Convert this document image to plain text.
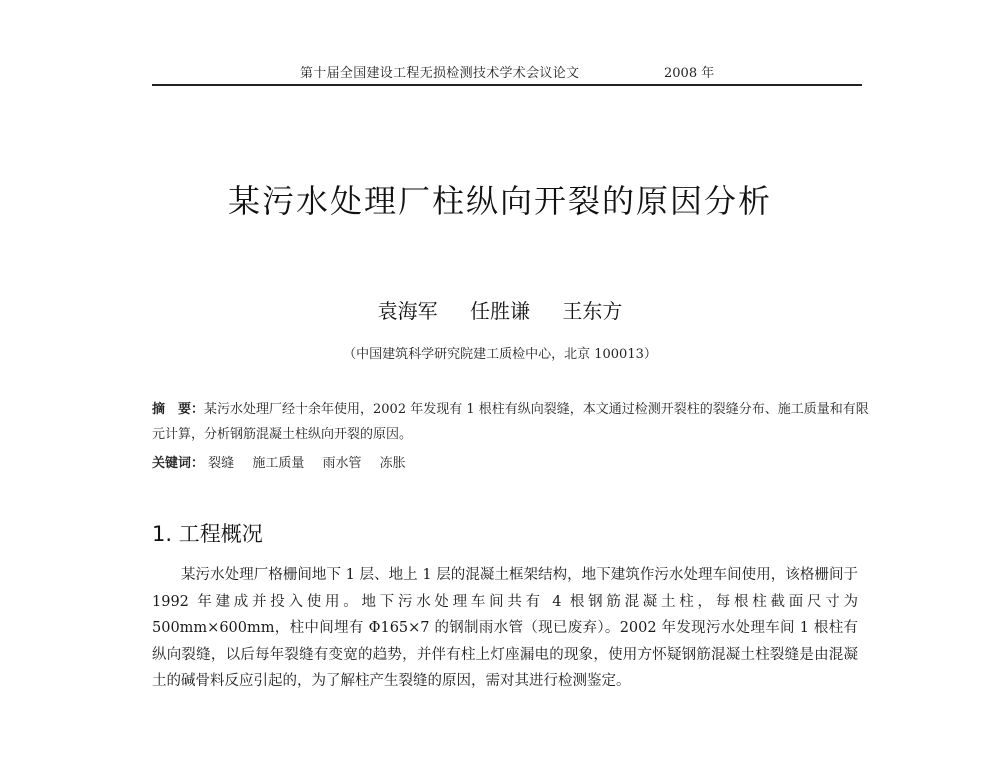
第十届全国建设工程无损检测技术学术会议论文	2008 年
某污水处理厂柱纵向开裂的原因分析
袁海军 任胜谦 王东方
（中国建筑科学研究院建工质检中心，北京 100013）
摘　要：某污水处理厂经十余年使用，2002 年发现有 1 根柱有纵向裂缝，本文通过检测开裂柱的裂缝分布、施工质量和有限元计算，分析钢筋混凝土柱纵向开裂的原因。
关键词： 裂缝 施工质量 雨水管 冻胀
1. 工程概况
某污水处理厂格栅间地下 1 层、地上 1 层的混凝土框架结构，地下建筑作污水处理车间使用，该格栅间于 1992 年建成并投入使用。地下污水处理车间共有 4 根钢筋混凝土柱，每根柱截面尺寸为 500mm×600mm，柱中间埋有 Φ165×7 的钢制雨水管（现已废弃）。2002 年发现污水处理车间 1 根柱有纵向裂缝，以后每年裂缝有变宽的趋势，并伴有柱上灯座漏电的现象，使用方怀疑钢筋混凝土柱裂缝是由混凝土的碱骨料反应引起的，为了解柱产生裂缝的原因，需对其进行检测鉴定。
